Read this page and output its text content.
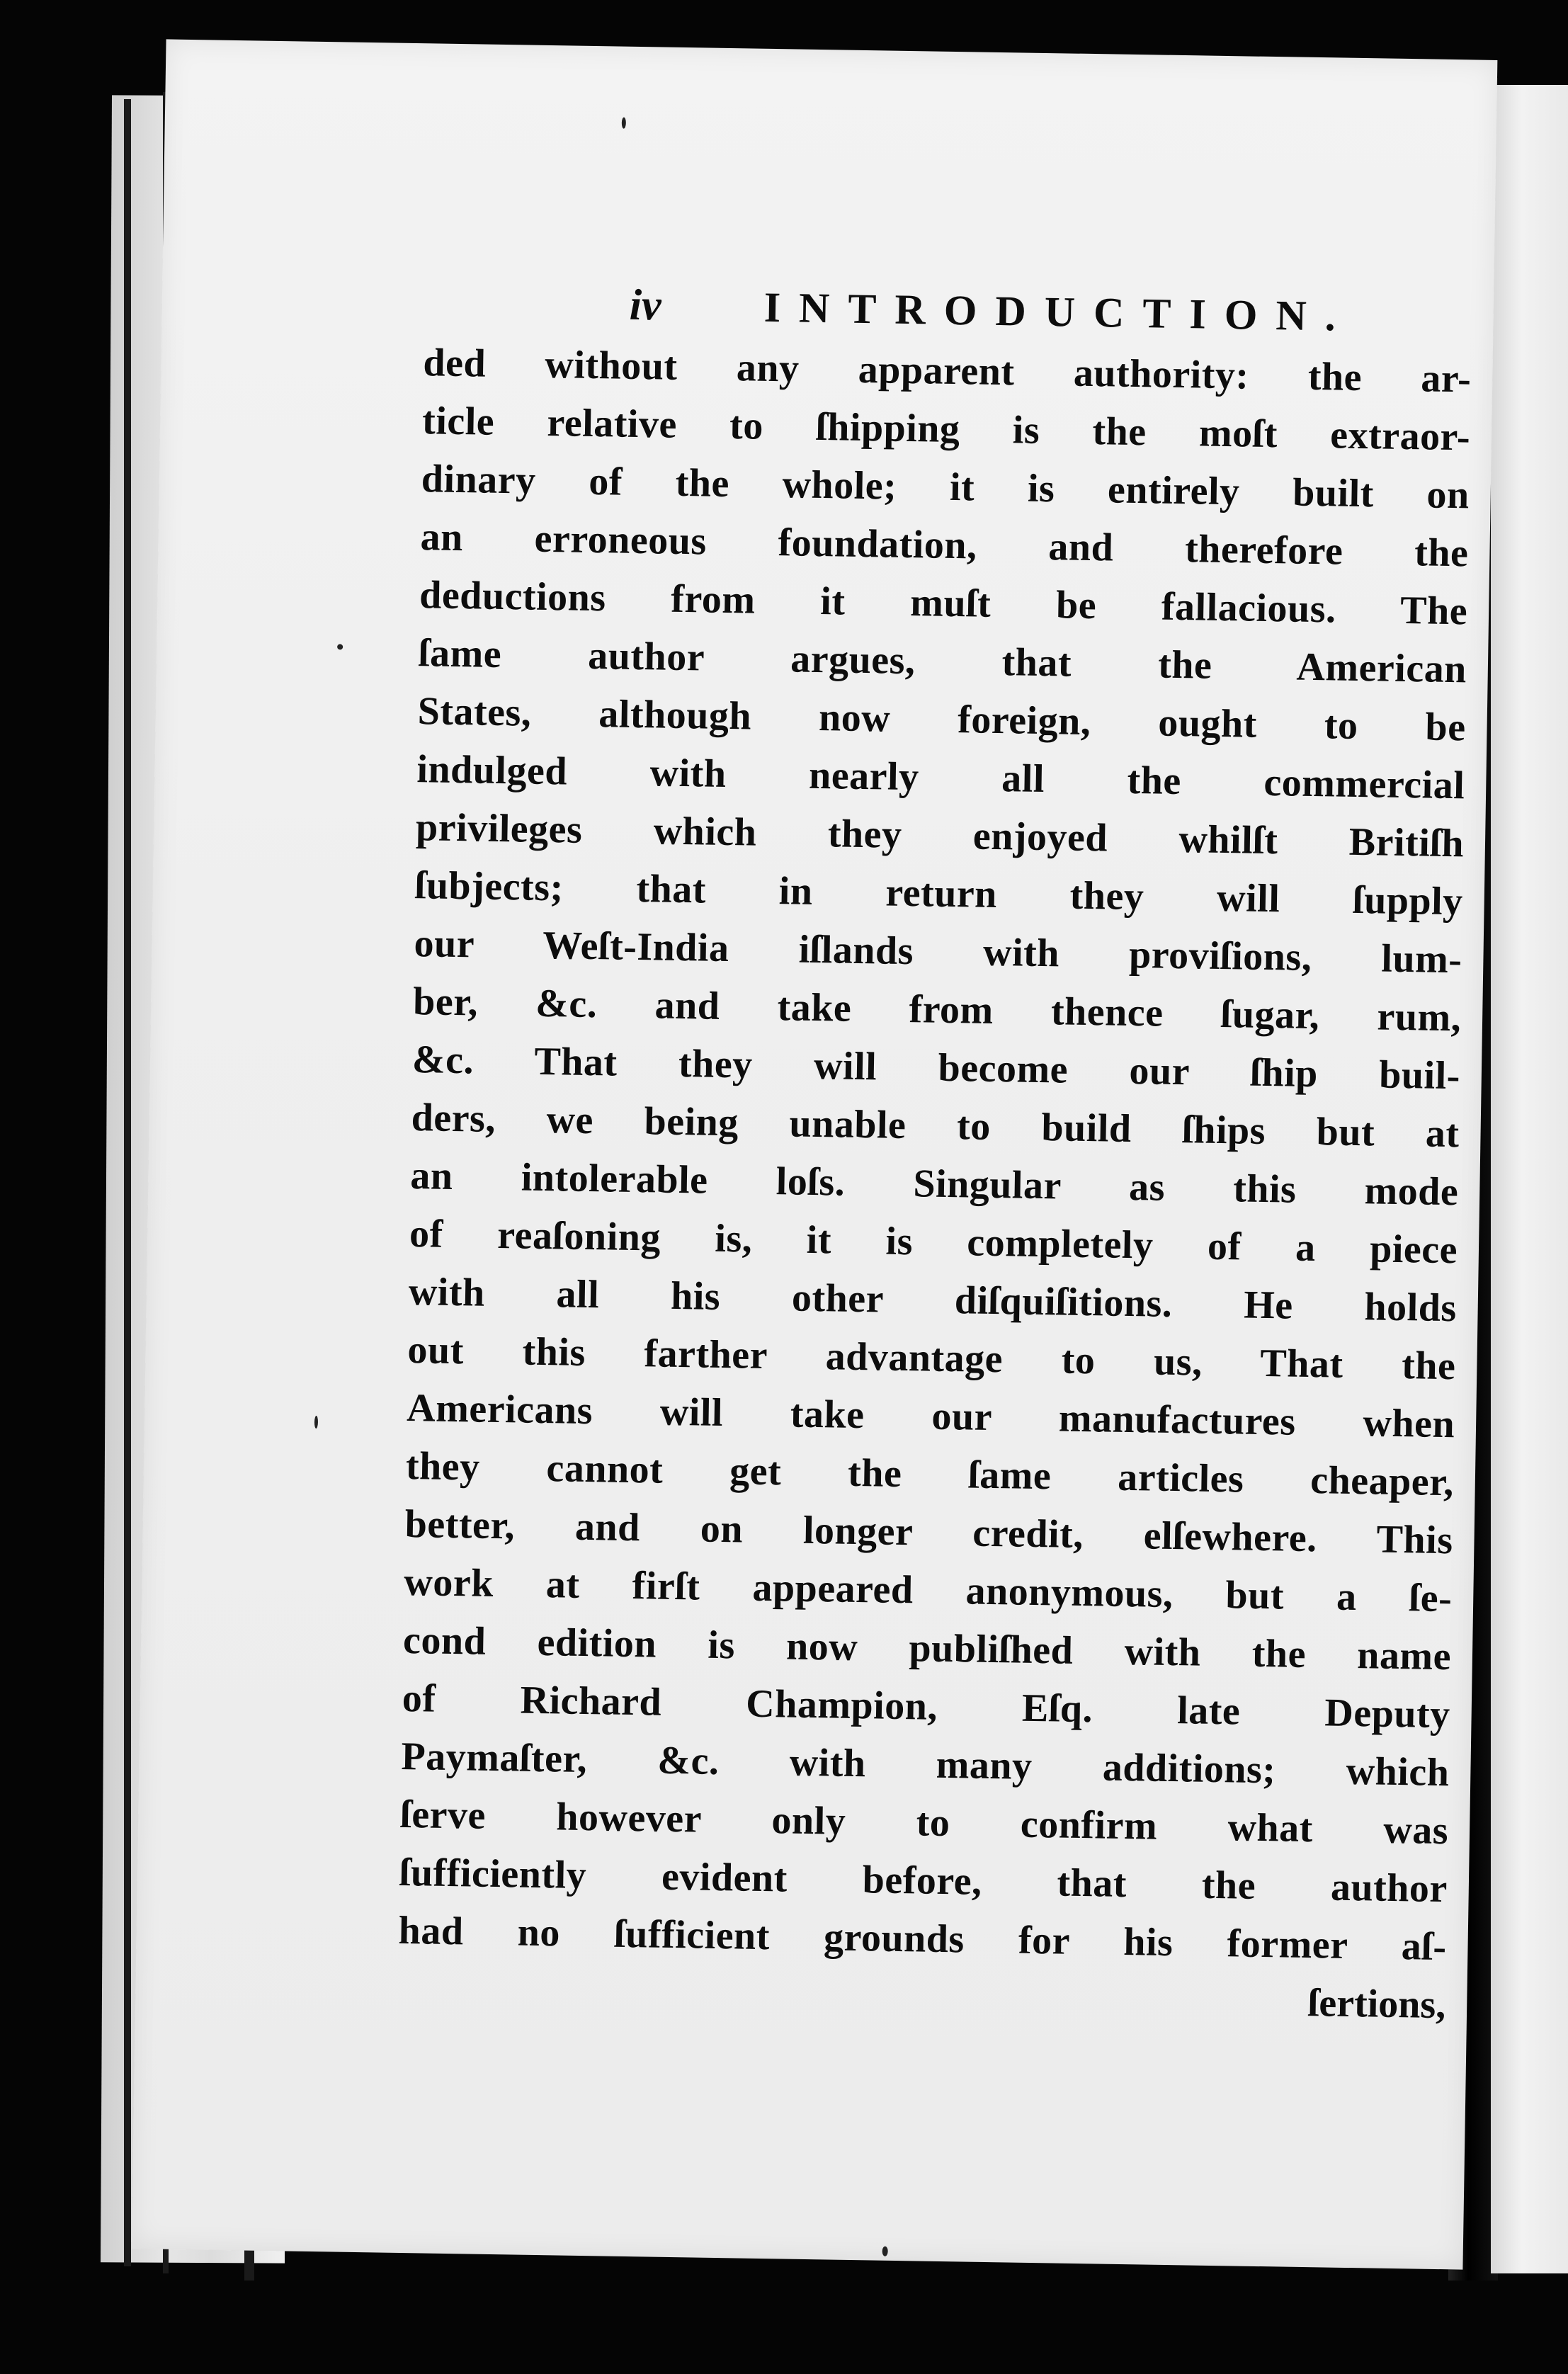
iv INTRODUCTION.
ded without any apparent authority: the ar-
ticle relative to ſhipping is the moſt extraor-
dinary of the whole; it is entirely built on
an erroneous foundation, and therefore the
deductions from it muſt be fallacious. The
ſame author argues, that the American
States, although now foreign, ought to be
indulged with nearly all the commercial
privileges which they enjoyed whilſt Britiſh
ſubjects; that in return they will ſupply
our Weſt-India iſlands with proviſions, lum-
ber, &c. and take from thence ſugar, rum,
&c. That they will become our ſhip buil-
ders, we being unable to build ſhips but at
an intolerable loſs. Singular as this mode
of reaſoning is, it is completely of a piece
with all his other diſquiſitions. He holds
out this farther advantage to us, That the
Americans will take our manufactures when
they cannot get the ſame articles cheaper,
better, and on longer credit, elſewhere. This
work at firſt appeared anonymous, but a ſe-
cond edition is now publiſhed with the name
of Richard Champion, Eſq. late Deputy
Paymaſter, &c. with many additions; which
ſerve however only to confirm what was
ſufficiently evident before, that the author
had no ſufficient grounds for his former aſ-
ſertions,
